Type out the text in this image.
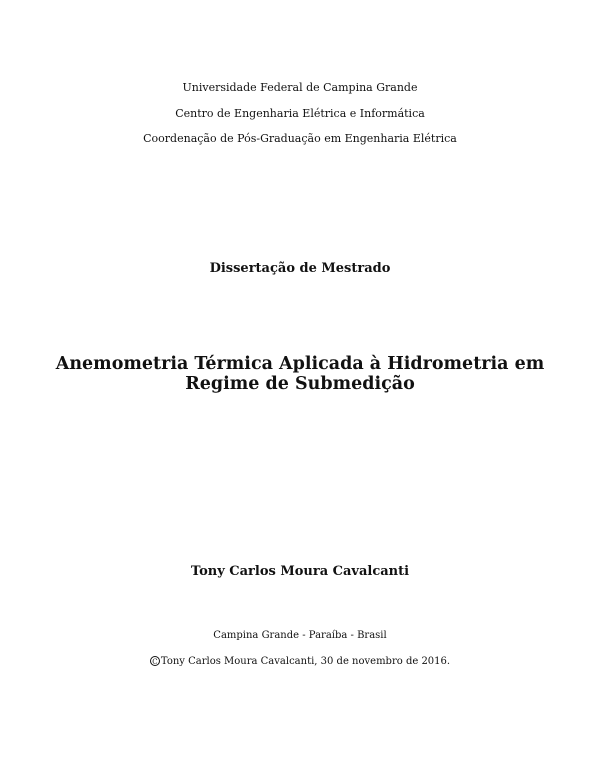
Universidade Federal de Campina Grande
Centro de Engenharia Elétrica e Informática
Coordenação de Pós-Graduação em Engenharia Elétrica
Dissertação de Mestrado
Anemometria Térmica Aplicada à Hidrometria em
Regime de Submedição
Tony Carlos Moura Cavalcanti
Campina Grande - Paraíba - Brasil
C Tony Carlos Moura Cavalcanti, 30 de novembro de 2016.
